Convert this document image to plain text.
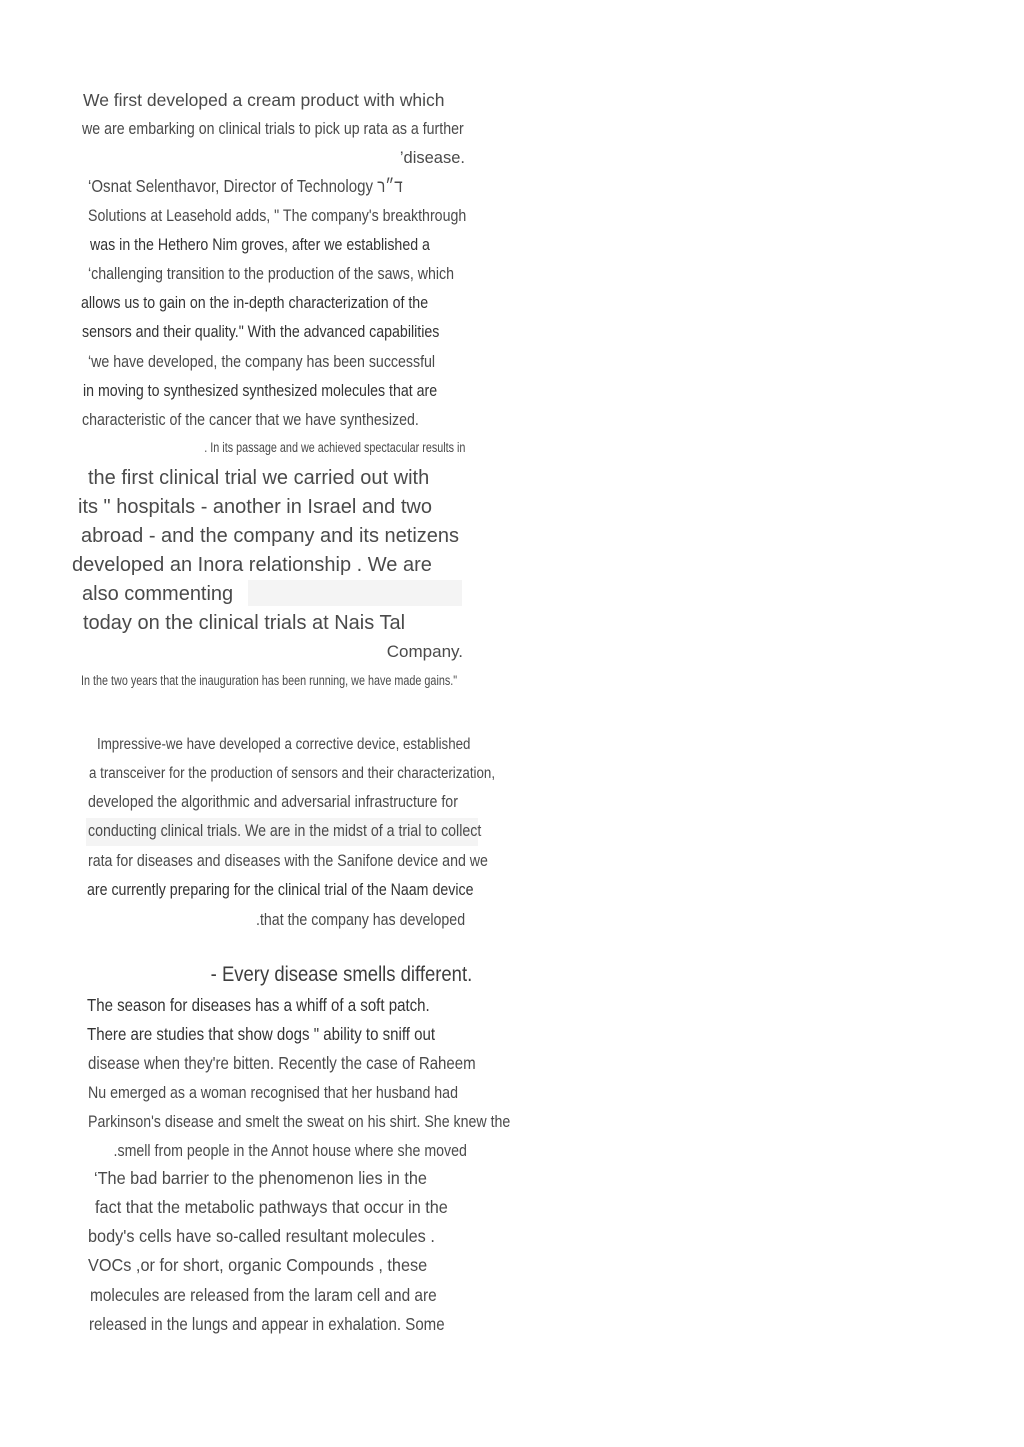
We first developed a cream product with which
we are embarking on clinical trials to pick up rata as a further
’disease.
‘Osnat Selenthavor, Director of Technology ד״ר
Solutions at Leasehold adds, " The company's breakthrough
was in the Hethero Nim groves, after we established a
‘challenging transition to the production of the saws, which
allows us to gain on the in-depth characterization of the
sensors and their quality." With the advanced capabilities
‘we have developed, the company has been successful
in moving to synthesized synthesized molecules that are
characteristic of the cancer that we have synthesized.
. In its passage and we achieved spectacular results in
the first clinical trial we carried out with
its " hospitals - another in Israel and two
abroad - and the company and its netizens
developed an Inora relationship . We are
also commenting
today on the clinical trials at Nais Tal
Company.
In the two years that the inauguration has been running, we have made gains."
Impressive-we have developed a corrective device, established
a transceiver for the production of sensors and their characterization,
developed the algorithmic and adversarial infrastructure for
conducting clinical trials. We are in the midst of a trial to collect
rata for diseases and diseases with the Sanifone device and we
are currently preparing for the clinical trial of the Naam device
.that the company has developed
- Every disease smells different.
The season for diseases has a whiff of a soft patch.
There are studies that show dogs " ability to sniff out
disease when they're bitten. Recently the case of Raheem
Nu emerged as a woman recognised that her husband had
Parkinson's disease and smelt the sweat on his shirt. She knew the
.smell from people in the Annot house where she moved
‘The bad barrier to the phenomenon lies in the
fact that the metabolic pathways that occur in the
body's cells have so-called resultant molecules .
VOCs ,or for short, organic Compounds , these
molecules are released from the laram cell and are
released in the lungs and appear in exhalation. Some
